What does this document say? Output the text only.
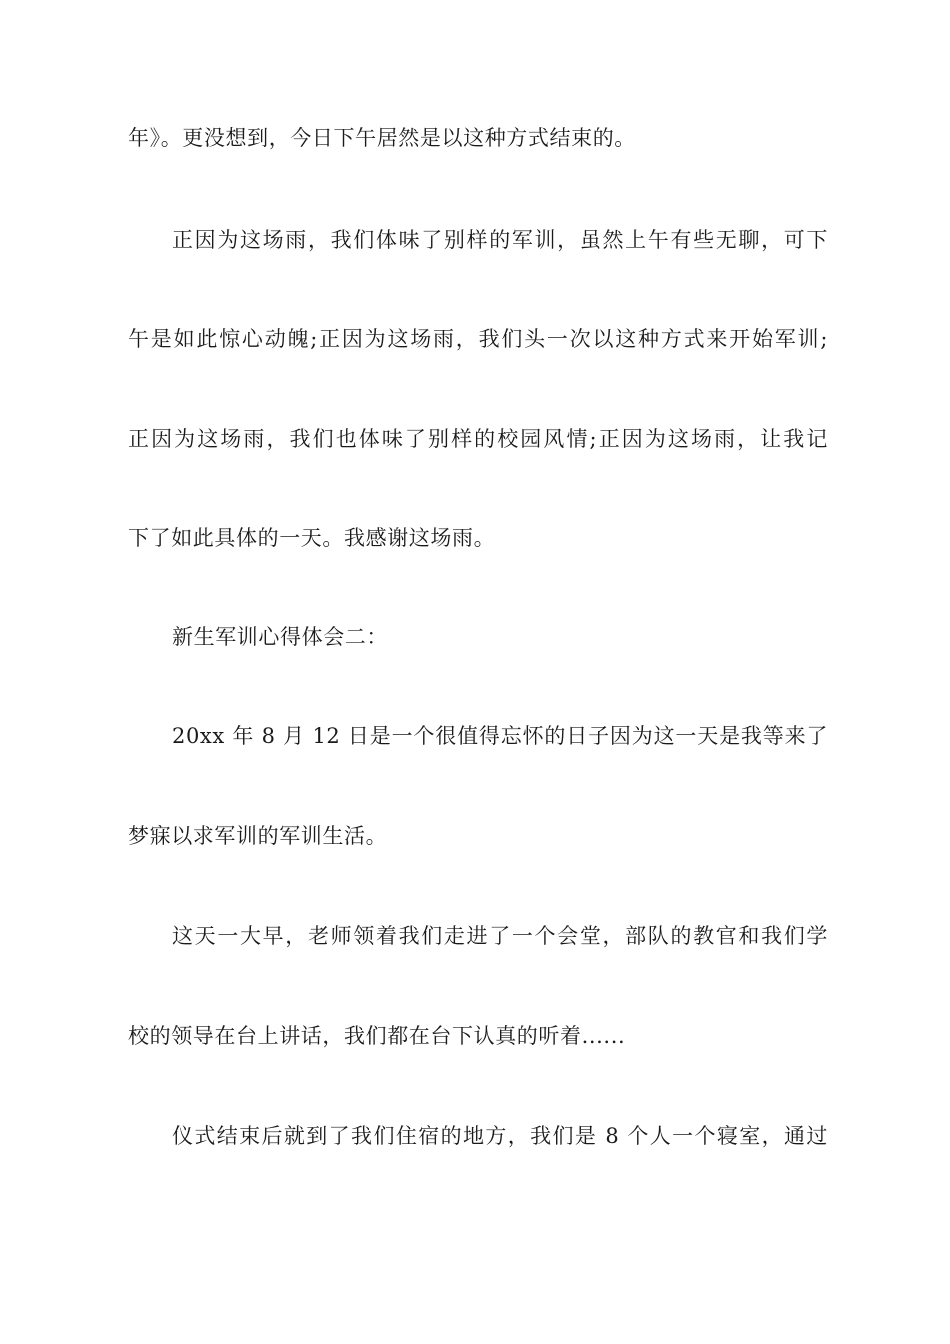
年》。更没想到，今日下午居然是以这种方式结束的。
正因为这场雨，我们体味了别样的军训，虽然上午有些无聊，可下
午是如此惊心动魄;正因为这场雨，我们头一次以这种方式来开始军训;
正因为这场雨，我们也体味了别样的校园风情;正因为这场雨，让我记
下了如此具体的一天。我感谢这场雨。
新生军训心得体会二：
20xx 年 8 月 12 日是一个很值得忘怀的日子因为这一天是我等来了
梦寐以求军训的军训生活。
这天一大早，老师领着我们走进了一个会堂，部队的教官和我们学
校的领导在台上讲话，我们都在台下认真的听着......
仪式结束后就到了我们住宿的地方，我们是 8 个人一个寝室，通过
